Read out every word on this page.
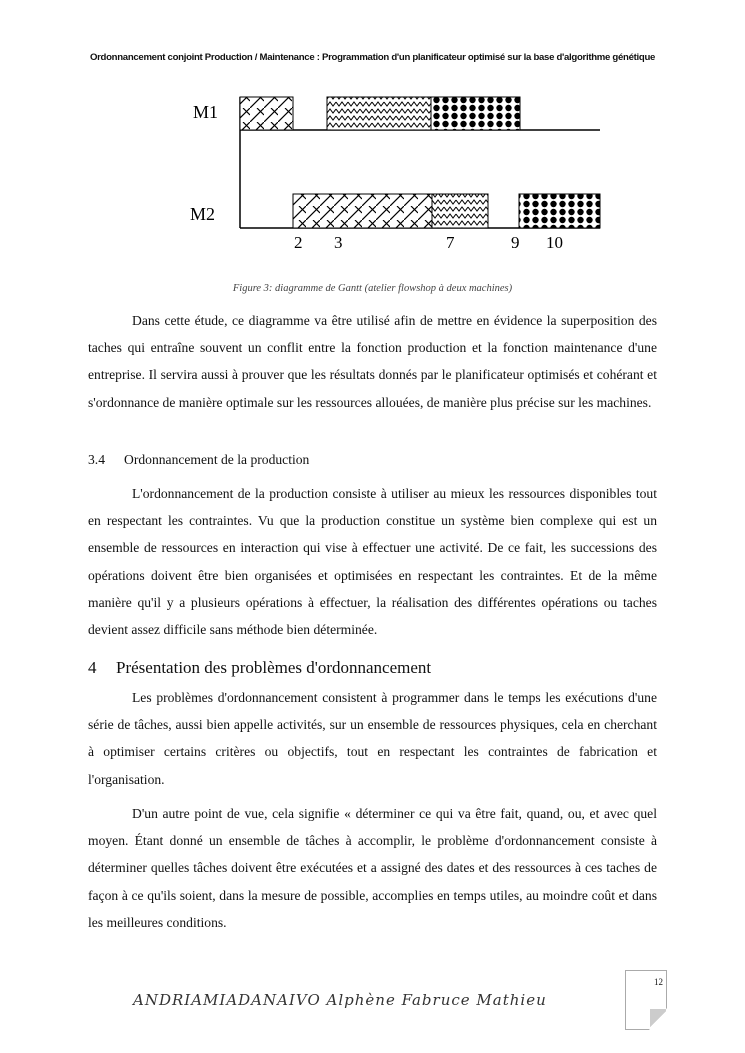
Ordonnancement conjoint Production / Maintenance : Programmation d'un planificateur optimisé sur la base d'algorithme génétique
M1
M2
2 3	7	9 10
Figure 3: diagramme de Gantt (atelier flowshop à deux machines)

Dans cette étude, ce diagramme va être utilisé afin de mettre en évidence la superposition des taches qui entraîne souvent un conflit entre la fonction production et la fonction maintenance d'une entreprise. Il servira aussi à prouver que les résultats donnés par le planificateur optimisés et cohérant et s'ordonnance de manière optimale sur les ressources allouées, de manière plus précise sur les machines.

3.4 Ordonnancement de la production

L'ordonnancement de la production consiste à utiliser au mieux les ressources disponibles tout en respectant les contraintes. Vu que la production constitue un système bien complexe qui est un ensemble de ressources en interaction qui vise à effectuer une activité. De ce fait, les successions des opérations doivent être bien organisées et optimisées en respectant les contraintes. Et de la même manière qu'il y a plusieurs opérations à effectuer, la réalisation des différentes opérations ou taches devient assez difficile sans méthode bien déterminée.

4 Présentation des problèmes d'ordonnancement

Les problèmes d'ordonnancement consistent à programmer dans le temps les exécutions d'une série de tâches, aussi bien appelle activités, sur un ensemble de ressources physiques, cela en cherchant à optimiser certains critères ou objectifs, tout en respectant les contraintes de fabrication et l'organisation.

D'un autre point de vue, cela signifie « déterminer ce qui va être fait, quand, ou, et avec quel moyen. Étant donné un ensemble de tâches à accomplir, le problème d'ordonnancement consiste à déterminer quelles tâches doivent être exécutées et a assigné des dates et des ressources à ces taches de façon à ce qu'ils soient, dans la mesure de possible, accomplies en temps utiles, au moindre coût et dans les meilleures conditions.

ANDRIAMIADANAIVO Alphène Fabruce Mathieu
12
